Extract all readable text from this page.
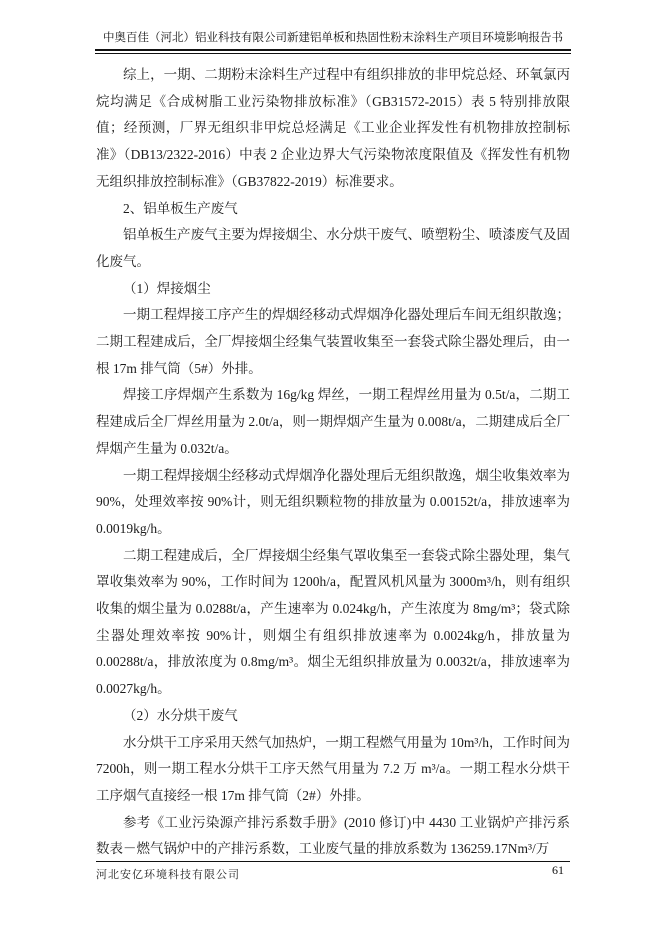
中奥百佳（河北）铝业科技有限公司新建铝单板和热固性粉末涂料生产项目环境影响报告书

综上，一期、二期粉末涂料生产过程中有组织排放的非甲烷总烃、环氧氯丙烷均满足《合成树脂工业污染物排放标准》（GB31572-2015）表 5 特别排放限值；经预测，厂界无组织非甲烷总烃满足《工业企业挥发性有机物排放控制标准》（DB13/2322-2016）中表 2 企业边界大气污染物浓度限值及《挥发性有机物无组织排放控制标准》（GB37822-2019）标准要求。

2、铝单板生产废气

铝单板生产废气主要为焊接烟尘、水分烘干废气、喷塑粉尘、喷漆废气及固化废气。

（1）焊接烟尘

一期工程焊接工序产生的焊烟经移动式焊烟净化器处理后车间无组织散逸；二期工程建成后，全厂焊接烟尘经集气装置收集至一套袋式除尘器处理后，由一根 17m 排气筒（5#）外排。

焊接工序焊烟产生系数为 16g/kg 焊丝，一期工程焊丝用量为 0.5t/a，二期工程建成后全厂焊丝用量为 2.0t/a，则一期焊烟产生量为 0.008t/a，二期建成后全厂焊烟产生量为 0.032t/a。

一期工程焊接烟尘经移动式焊烟净化器处理后无组织散逸，烟尘收集效率为 90%，处理效率按 90%计，则无组织颗粒物的排放量为 0.00152t/a，排放速率为 0.0019kg/h。

二期工程建成后，全厂焊接烟尘经集气罩收集至一套袋式除尘器处理，集气罩收集效率为 90%，工作时间为 1200h/a，配置风机风量为 3000m³/h，则有组织收集的烟尘量为 0.0288t/a，产生速率为 0.024kg/h，产生浓度为 8mg/m³；袋式除尘器处理效率按 90%计，则烟尘有组织排放速率为 0.0024kg/h，排放量为 0.00288t/a，排放浓度为 0.8mg/m³。烟尘无组织排放量为 0.0032t/a，排放速率为 0.0027kg/h。

（2）水分烘干废气

水分烘干工序采用天然气加热炉，一期工程燃气用量为 10m³/h，工作时间为 7200h，则一期工程水分烘干工序天然气用量为 7.2 万 m³/a。一期工程水分烘干工序烟气直接经一根 17m 排气筒（2#）外排。

参考《工业污染源产排污系数手册》(2010 修订)中 4430 工业锅炉产排污系数表－燃气锅炉中的产排污系数，工业废气量的排放系数为 136259.17Nm³/万

河北安亿环境科技有限公司	61
